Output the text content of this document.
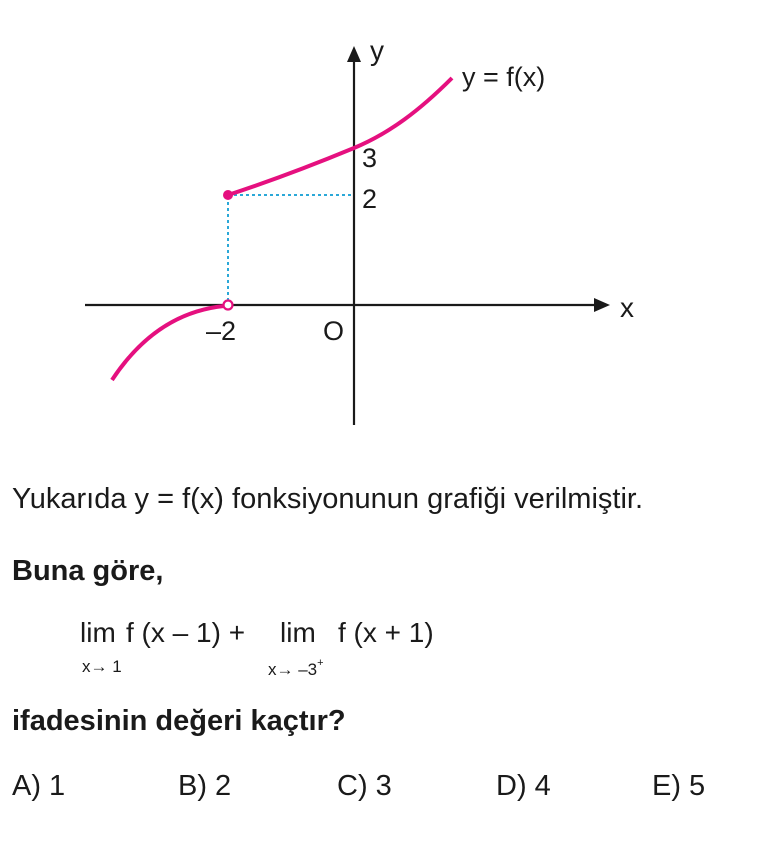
y
x
y = f(x)
3
2
–2	O
Yukarıda y = f(x) fonksiyonunun grafiği verilmiştir.
Buna göre,
lim f (x – 1) +
x→ 1
lim f (x + 1)
x→ –3+
ifadesinin değeri kaçtır?
A) 1	B) 2	C) 3	D) 4	E) 5
